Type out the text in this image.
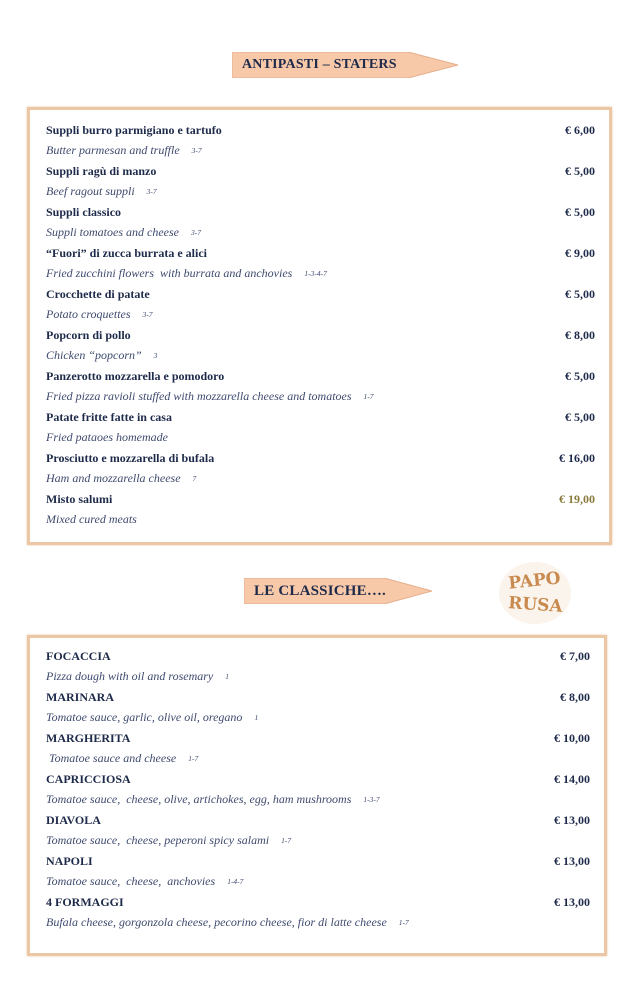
ANTIPASTI – STATERS
Suppli burro parmigiano e tartufo	€ 6,00
Butter parmesan and truffle 3-7
Suppli ragù di manzo	€ 5,00
Beef ragout suppli 3-7
Suppli classico	€ 5,00
Suppli tomatoes and cheese 3-7
“Fuori” di zucca burrata e alici	€ 9,00
Fried zucchini flowers  with burrata and anchovies 1-3-4-7
Crocchette di patate	€ 5,00
Potato croquettes 3-7
Popcorn di pollo	€ 8,00
Chicken “popcorn” 3
Panzerotto mozzarella e pomodoro	€ 5,00
Fried pizza ravioli stuffed with mozzarella cheese and tomatoes 1-7
Patate fritte fatte in casa	€ 5,00
Fried pataoes homemade
Prosciutto e mozzarella di bufala	€ 16,00
Ham and mozzarella cheese 7
Misto salumi	€ 19,00
Mixed cured meats
LE CLASSICHE….	PAPO
RUSA
FOCACCIA	€ 7,00
Pizza dough with oil and rosemary 1
MARINARA	€ 8,00
Tomatoe sauce, garlic, olive oil, oregano 1
MARGHERITA	€ 10,00
Tomatoe sauce and cheese 1-7
CAPRICCIOSA	€ 14,00
Tomatoe sauce,  cheese, olive, artichokes, egg, ham mushrooms 1-3-7
DIAVOLA	€ 13,00
Tomatoe sauce,  cheese, peperoni spicy salami 1-7
NAPOLI	€ 13,00
Tomatoe sauce,  cheese,  anchovies 1-4-7
4 FORMAGGI	€ 13,00
Bufala cheese, gorgonzola cheese, pecorino cheese, fior di latte cheese 1-7
